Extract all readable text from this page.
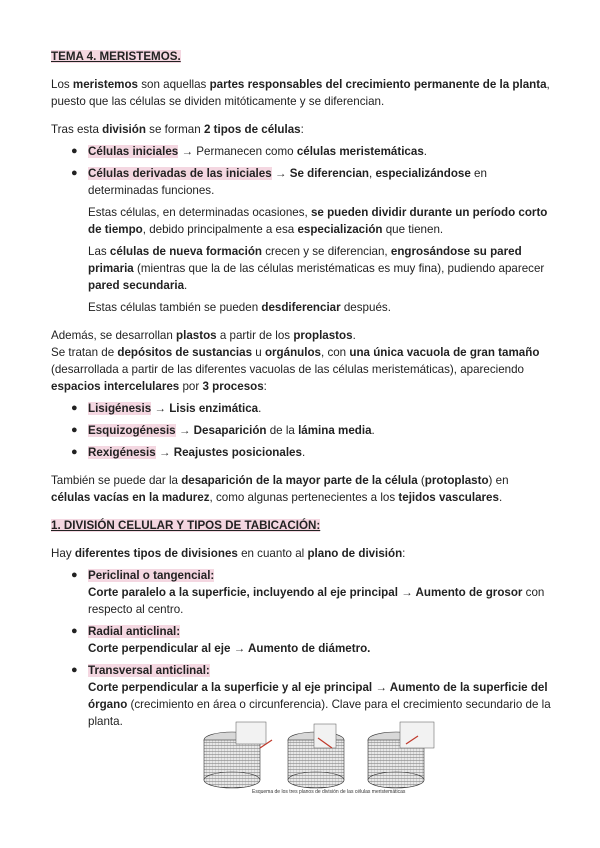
TEMA 4. MERISTEMOS.

Los meristemos son aquellas partes responsables del crecimiento permanente de la planta, puesto que las células se dividen mitóticamente y se diferencian.

Tras esta división se forman 2 tipos de células:

● Células iniciales → Permanecen como células meristemáticas.
● Células derivadas de las iniciales → Se diferencian, especializándose en determinadas funciones.

Estas células, en determinadas ocasiones, se pueden dividir durante un período corto de tiempo, debido principalmente a esa especialización que tienen.

Las células de nueva formación crecen y se diferencian, engrosándose su pared primaria (mientras que la de las células meristématicas es muy fina), pudiendo aparecer pared secundaria.

Estas células también se pueden desdiferenciar después.

Además, se desarrollan plastos a partir de los proplastos.
Se tratan de depósitos de sustancias u orgánulos, con una única vacuola de gran tamaño (desarrollada a partir de las diferentes vacuolas de las células meristemáticas), apareciendo espacios intercelulares por 3 procesos:

● Lisigénesis → Lisis enzimática.
● Esquizogénesis → Desaparición de la lámina media.
● Rexigénesis → Reajustes posicionales.

También se puede dar la desaparición de la mayor parte de la célula (protoplasto) en células vacías en la madurez, como algunas pertenecientes a los tejidos vasculares.

1. DIVISIÓN CELULAR Y TIPOS DE TABICACIÓN:

Hay diferentes tipos de divisiones en cuanto al plano de división:

● Periclinal o tangencial:
Corte paralelo a la superficie, incluyendo al eje principal → Aumento de grosor con respecto al centro.
● Radial anticlinal:
Corte perpendicular al eje → Aumento de diámetro.
● Transversal anticlinal:
Corte perpendicular a la superficie y al eje principal → Aumento de la superficie del órgano (crecimiento en área o circunferencia). Clave para el crecimiento secundario de la planta.
Esquema de los tres planos de división de las células meristemáticas
